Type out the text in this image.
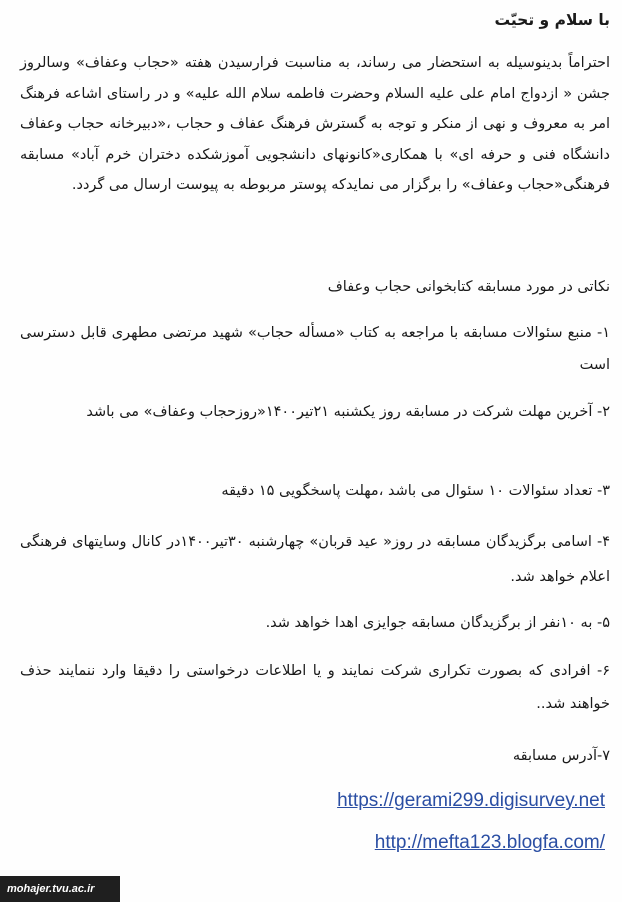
با سلام و تحیّت

احتراماً بدینوسیله به استحضار می رساند، به مناسبت فرارسیدن هفته «حجاب وعفاف» وسالروز جشن « ازدواج امام علی علیه السلام وحضرت فاطمه سلام الله علیه» و در راستای اشاعه فرهنگ امر به معروف و نهی از منکر و توجه به گسترش فرهنگ عفاف و حجاب ،«دبیرخانه حجاب وعفاف دانشگاه فنی و حرفه ای» با همکاری«کانونهای دانشجویی آموزشکده دختران خرم آباد» مسابقه فرهنگی«حجاب وعفاف» را برگزار می نمایدکه پوستر مربوطه به پیوست ارسال می گردد.

نکاتی در مورد مسابقه کتابخوانی حجاب وعفاف

۱- منبع سئوالات مسابقه با مراجعه به کتاب «مسأله حجاب» شهید مرتضی مطهری قابل دسترسی است

۲- آخرین مهلت شرکت در مسابقه روز یکشنبه ۲۱تیر۱۴۰۰«روزحجاب وعفاف» می باشد

۳- تعداد سئوالات ۱۰ سئوال می باشد ،مهلت پاسخگویی ۱۵ دقیقه

۴- اسامی برگزیدگان مسابقه در روز« عید قربان» چهارشنبه ۳۰تیر۱۴۰۰در کانال وسایتهای فرهنگی اعلام خواهد شد.

۵- به ۱۰نفر از برگزیدگان مسابقه جوایزی اهدا خواهد شد.

۶- افرادی که بصورت تکراری شرکت نمایند و یا اطلاعات درخواستی را دقیقا وارد ننمایند حذف خواهند شد..

۷-آدرس مسابقه

https://gerami299.digisurvey.net
http://mefta123.blogfa.com/
mohajer.tvu.ac.ir
